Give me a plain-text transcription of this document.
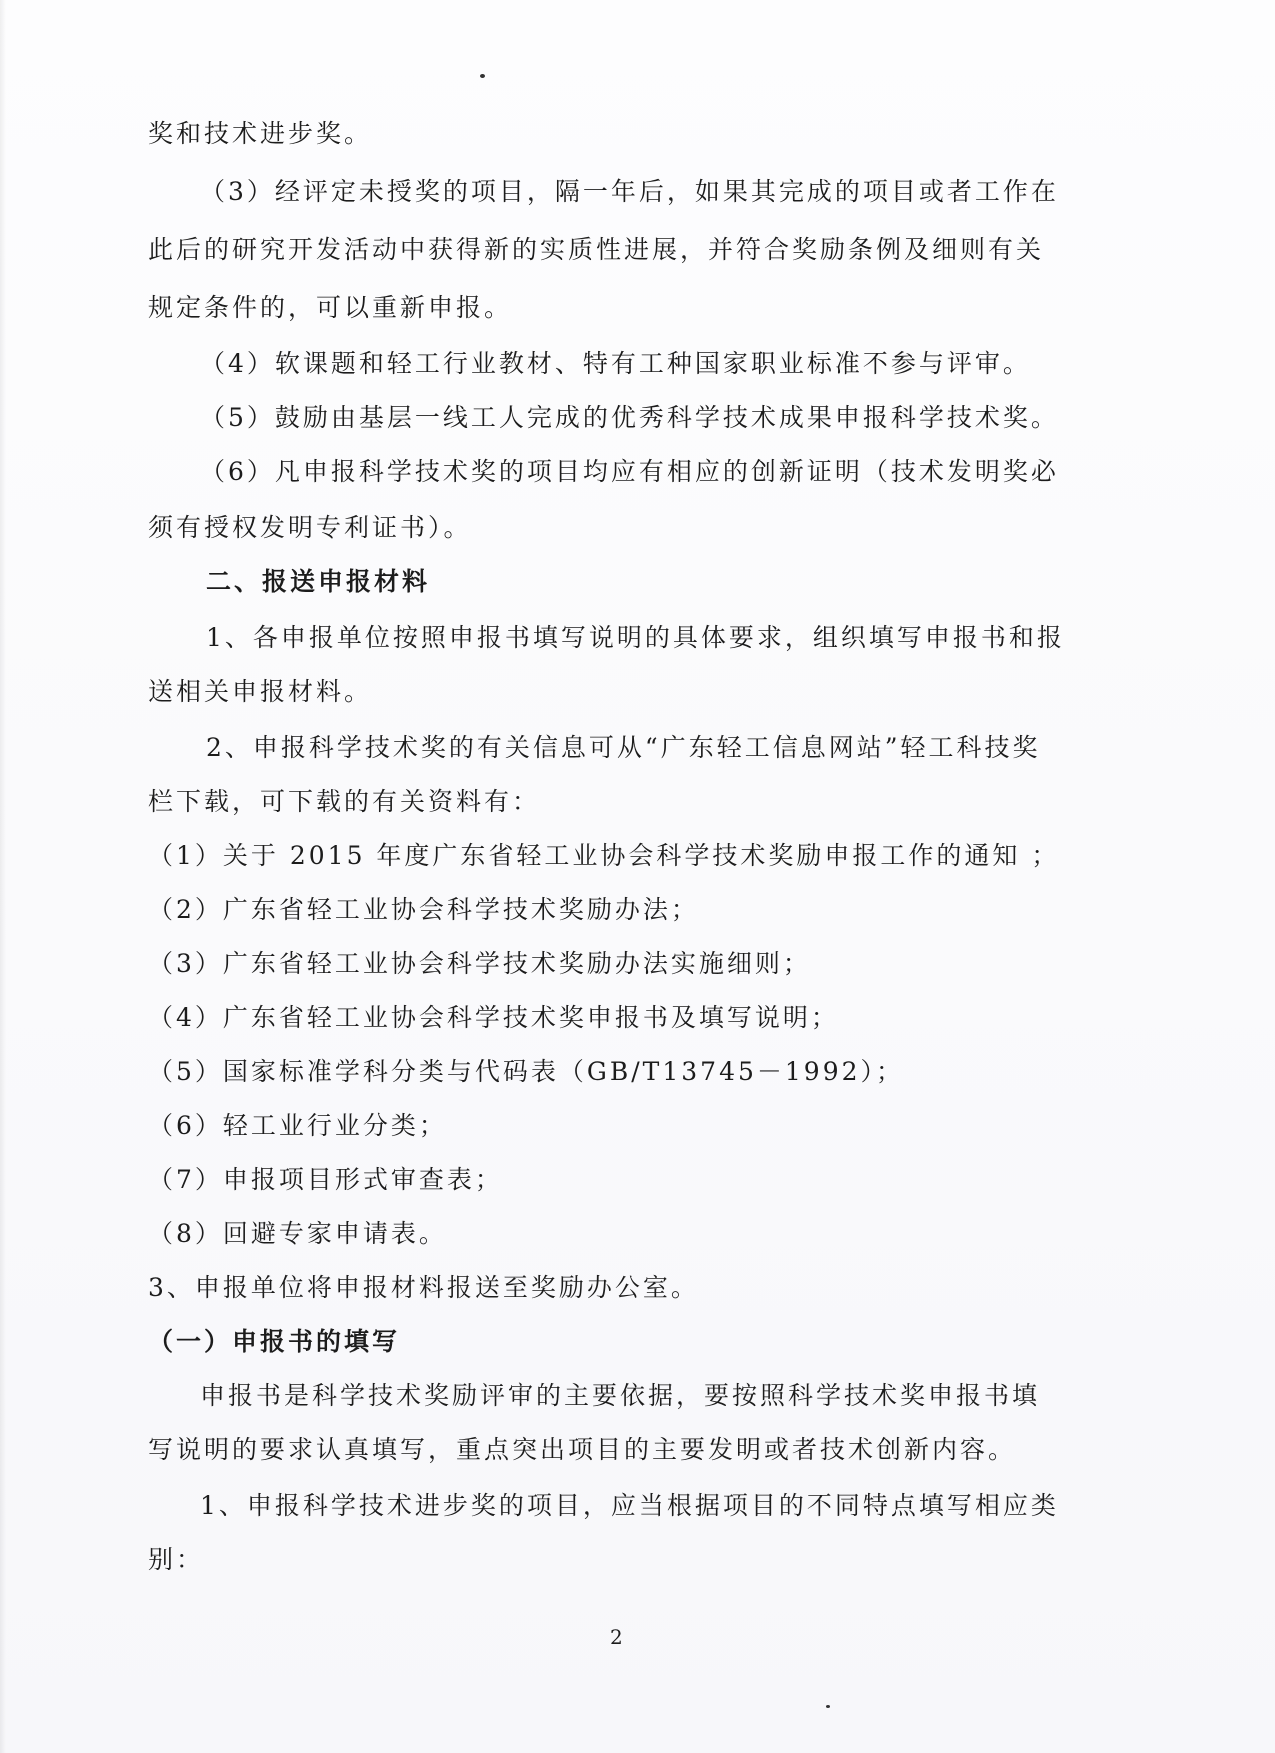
奖和技术进步奖。
（3）经评定未授奖的项目，隔一年后，如果其完成的项目或者工作在
此后的研究开发活动中获得新的实质性进展，并符合奖励条例及细则有关
规定条件的，可以重新申报。
（4）软课题和轻工行业教材、特有工种国家职业标准不参与评审。
（5）鼓励由基层一线工人完成的优秀科学技术成果申报科学技术奖。
（6）凡申报科学技术奖的项目均应有相应的创新证明（技术发明奖必
须有授权发明专利证书）。
二、报送申报材料
1、各申报单位按照申报书填写说明的具体要求，组织填写申报书和报
送相关申报材料。
2、申报科学技术奖的有关信息可从“广东轻工信息网站”轻工科技奖
栏下载，可下载的有关资料有：
（1）关于 2015 年度广东省轻工业协会科学技术奖励申报工作的通知 ；
（2）广东省轻工业协会科学技术奖励办法；
（3）广东省轻工业协会科学技术奖励办法实施细则；
（4）广东省轻工业协会科学技术奖申报书及填写说明；
（5）国家标准学科分类与代码表（GB/T13745－1992）；
（6）轻工业行业分类；
（7）申报项目形式审查表；
（8）回避专家申请表。
3、申报单位将申报材料报送至奖励办公室。
（一）申报书的填写
申报书是科学技术奖励评审的主要依据，要按照科学技术奖申报书填
写说明的要求认真填写，重点突出项目的主要发明或者技术创新内容。
1、申报科学技术进步奖的项目，应当根据项目的不同特点填写相应类
别：
2
